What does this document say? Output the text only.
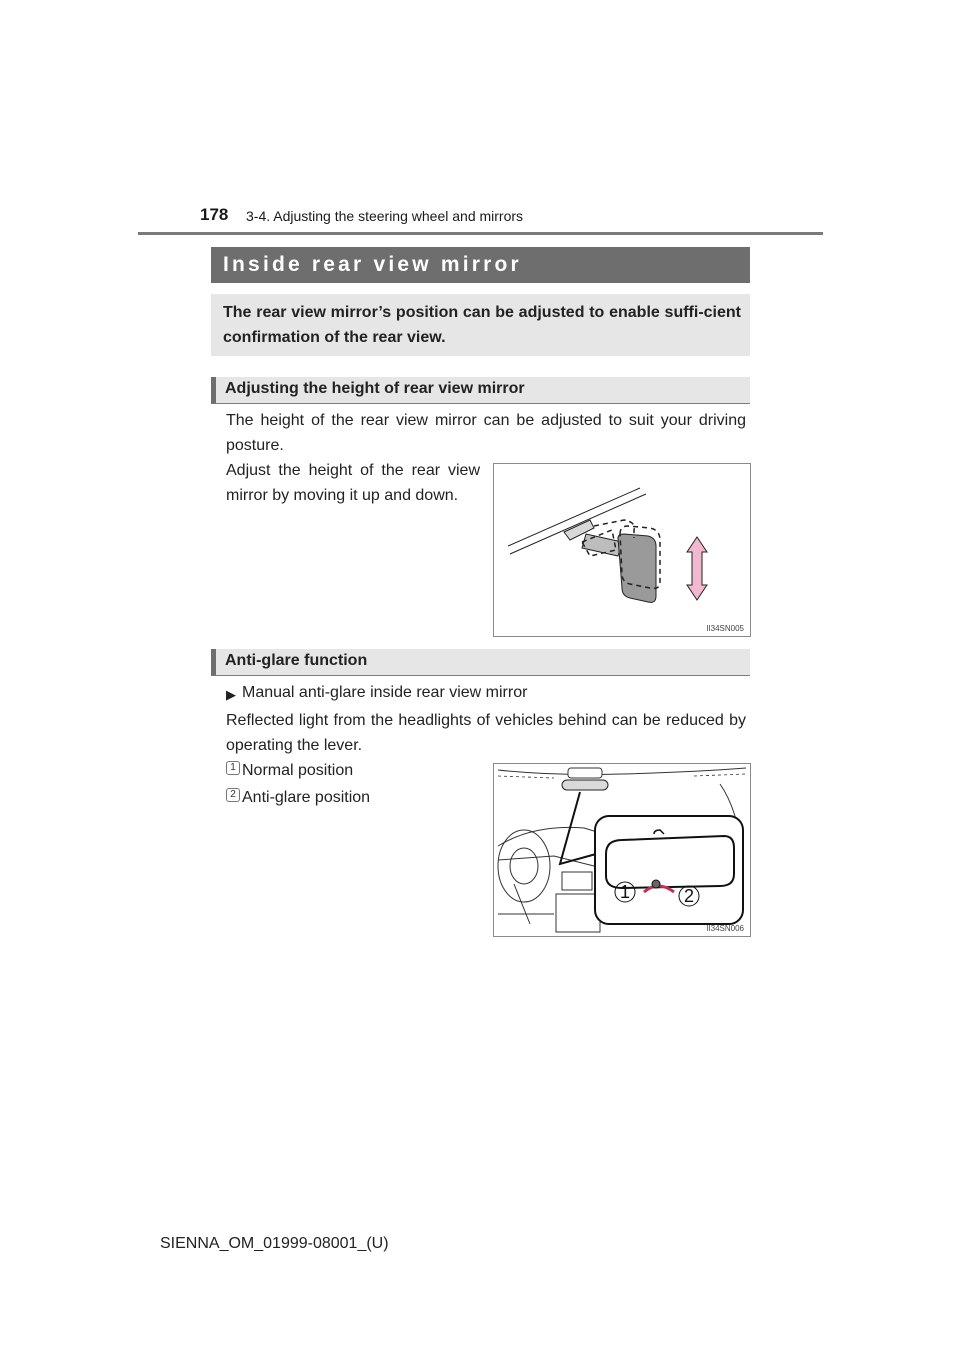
178 3-4. Adjusting the steering wheel and mirrors
Inside rear view mirror

The rear view mirror’s position can be adjusted to enable suffi-cient confirmation of the rear view.

Adjusting the height of rear view mirror

The height of the rear view mirror can be adjusted to suit your driving posture.

Adjust the height of the rear view mirror by moving it up and down.

II34SN005
Anti-glare function
▶ Manual anti-glare inside rear view mirror

Reflected light from the headlights of vehicles behind can be reduced by operating the lever.

1 Normal position
2 Anti-glare position
1	2
II34SN006
SIENNA_OM_01999-08001_(U)
